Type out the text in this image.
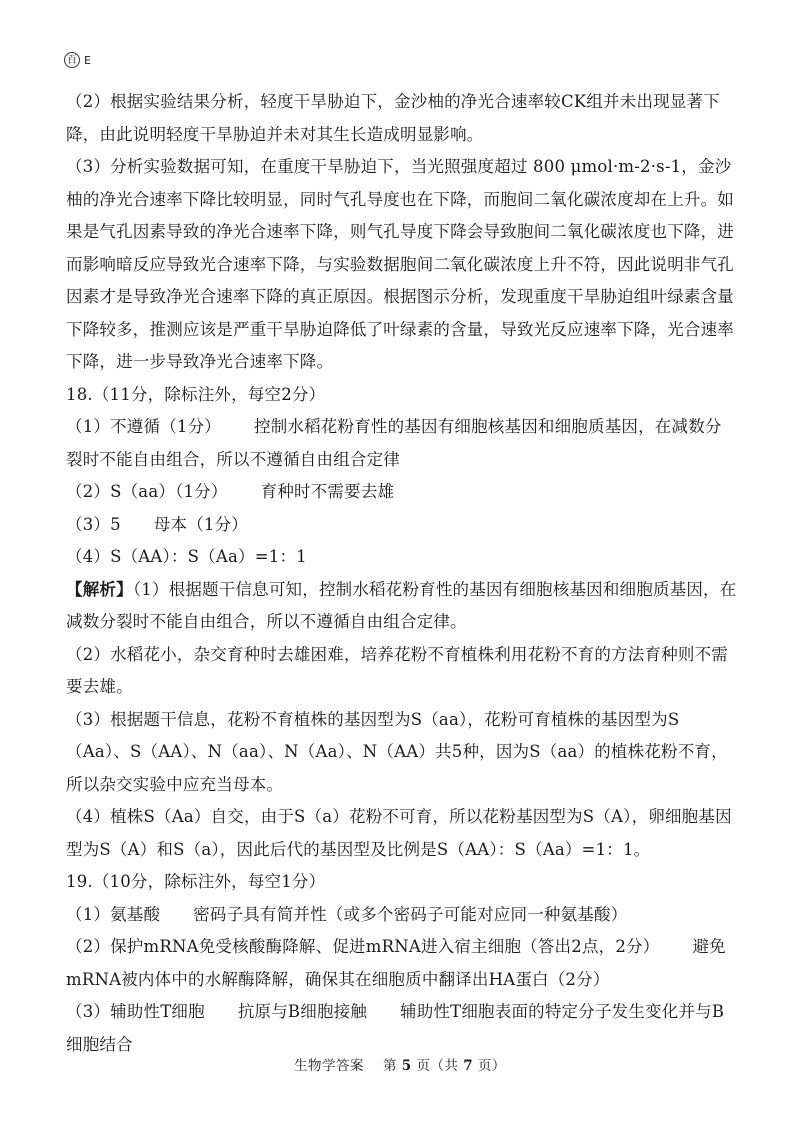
百 E

（2）根据实验结果分析，轻度干旱胁迫下，金沙柚的净光合速率较CK组并未出现显著下降，由此说明轻度干旱胁迫并未对其生长造成明显影响。

（3）分析实验数据可知，在重度干旱胁迫下，当光照强度超过 800 μmol·m-2·s-1，金沙柚的净光合速率下降比较明显，同时气孔导度也在下降，而胞间二氧化碳浓度却在上升。如果是气孔因素导致的净光合速率下降，则气孔导度下降会导致胞间二氧化碳浓度也下降，进而影响暗反应导致光合速率下降，与实验数据胞间二氧化碳浓度上升不符，因此说明非气孔因素才是导致净光合速率下降的真正原因。根据图示分析，发现重度干旱胁迫组叶绿素含量下降较多，推测应该是严重干旱胁迫降低了叶绿素的含量，导致光反应速率下降，光合速率下降，进一步导致净光合速率下降。

18.（11分，除标注外，每空2分）

（1）不遵循（1分） 控制水稻花粉育性的基因有细胞核基因和细胞质基因，在减数分裂时不能自由组合，所以不遵循自由组合定律

（2）S（aa）（1分） 育种时不需要去雄

（3）5 母本（1分）

（4）S（AA）：S（Aa）=1：1

【解析】（1）根据题干信息可知，控制水稻花粉育性的基因有细胞核基因和细胞质基因，在减数分裂时不能自由组合，所以不遵循自由组合定律。

（2）水稻花小，杂交育种时去雄困难，培养花粉不育植株利用花粉不育的方法育种则不需要去雄。

（3）根据题干信息，花粉不育植株的基因型为S（aa），花粉可育植株的基因型为S（Aa）、S（AA）、N（aa）、N（Aa）、N（AA）共5种，因为S（aa）的植株花粉不育，所以杂交实验中应充当母本。

（4）植株S（Aa）自交，由于S（a）花粉不可育，所以花粉基因型为S（A），卵细胞基因型为S（A）和S（a），因此后代的基因型及比例是S（AA）：S（Aa）=1：1。

19.（10分，除标注外，每空1分）

（1）氨基酸 密码子具有简并性（或多个密码子可能对应同一种氨基酸）

（2）保护mRNA免受核酸酶降解、促进mRNA进入宿主细胞（答出2点，2分） 避免mRNA被内体中的水解酶降解，确保其在细胞质中翻译出HA蛋白（2分）

（3）辅助性T细胞 抗原与B细胞接触 辅助性T细胞表面的特定分子发生变化并与B细胞结合

生物学答案 第 5 页（共 7 页）
